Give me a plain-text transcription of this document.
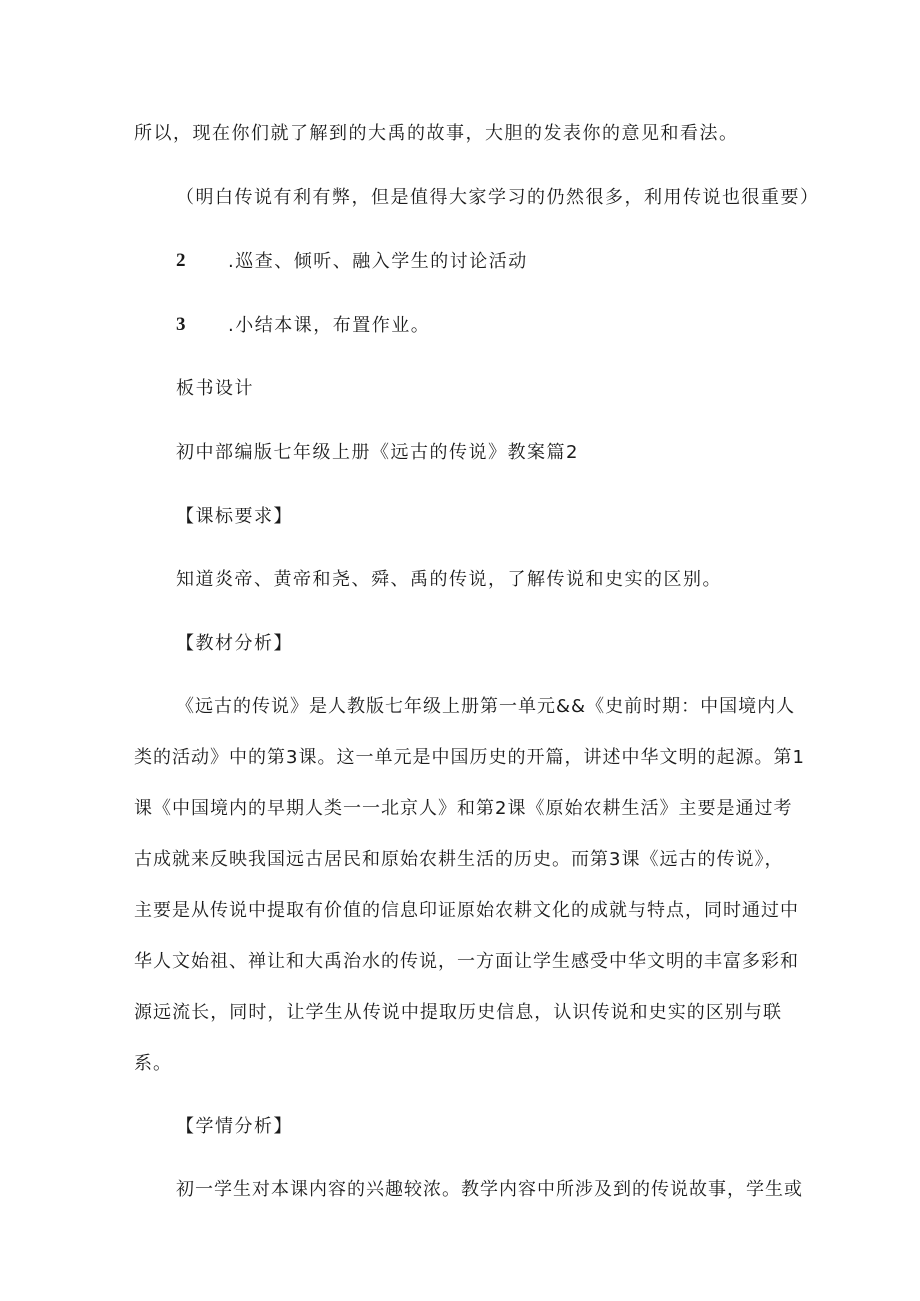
所以，现在你们就了解到的大禹的故事，大胆的发表你的意见和看法。
（明白传说有利有弊，但是值得大家学习的仍然很多，利用传说也很重要）
2 .巡查、倾听、融入学生的讨论活动
3 .小结本课，布置作业。
板书设计
初中部编版七年级上册《远古的传说》教案篇2
【课标要求】
知道炎帝、黄帝和尧、舜、禹的传说，了解传说和史实的区别。
【教材分析】
《远古的传说》是人教版七年级上册第一单元&&《史前时期：中国境内人
类的活动》中的第3课。这一单元是中国历史的开篇，讲述中华文明的起源。第1
课《中国境内的早期人类一一北京人》和第2课《原始农耕生活》主要是通过考
古成就来反映我国远古居民和原始农耕生活的历史。而第3课《远古的传说》，
主要是从传说中提取有价值的信息印证原始农耕文化的成就与特点，同时通过中
华人文始祖、禅让和大禹治水的传说，一方面让学生感受中华文明的丰富多彩和
源远流长，同时，让学生从传说中提取历史信息，认识传说和史实的区别与联
系。
【学情分析】
初一学生对本课内容的兴趣较浓。教学内容中所涉及到的传说故事，学生或
